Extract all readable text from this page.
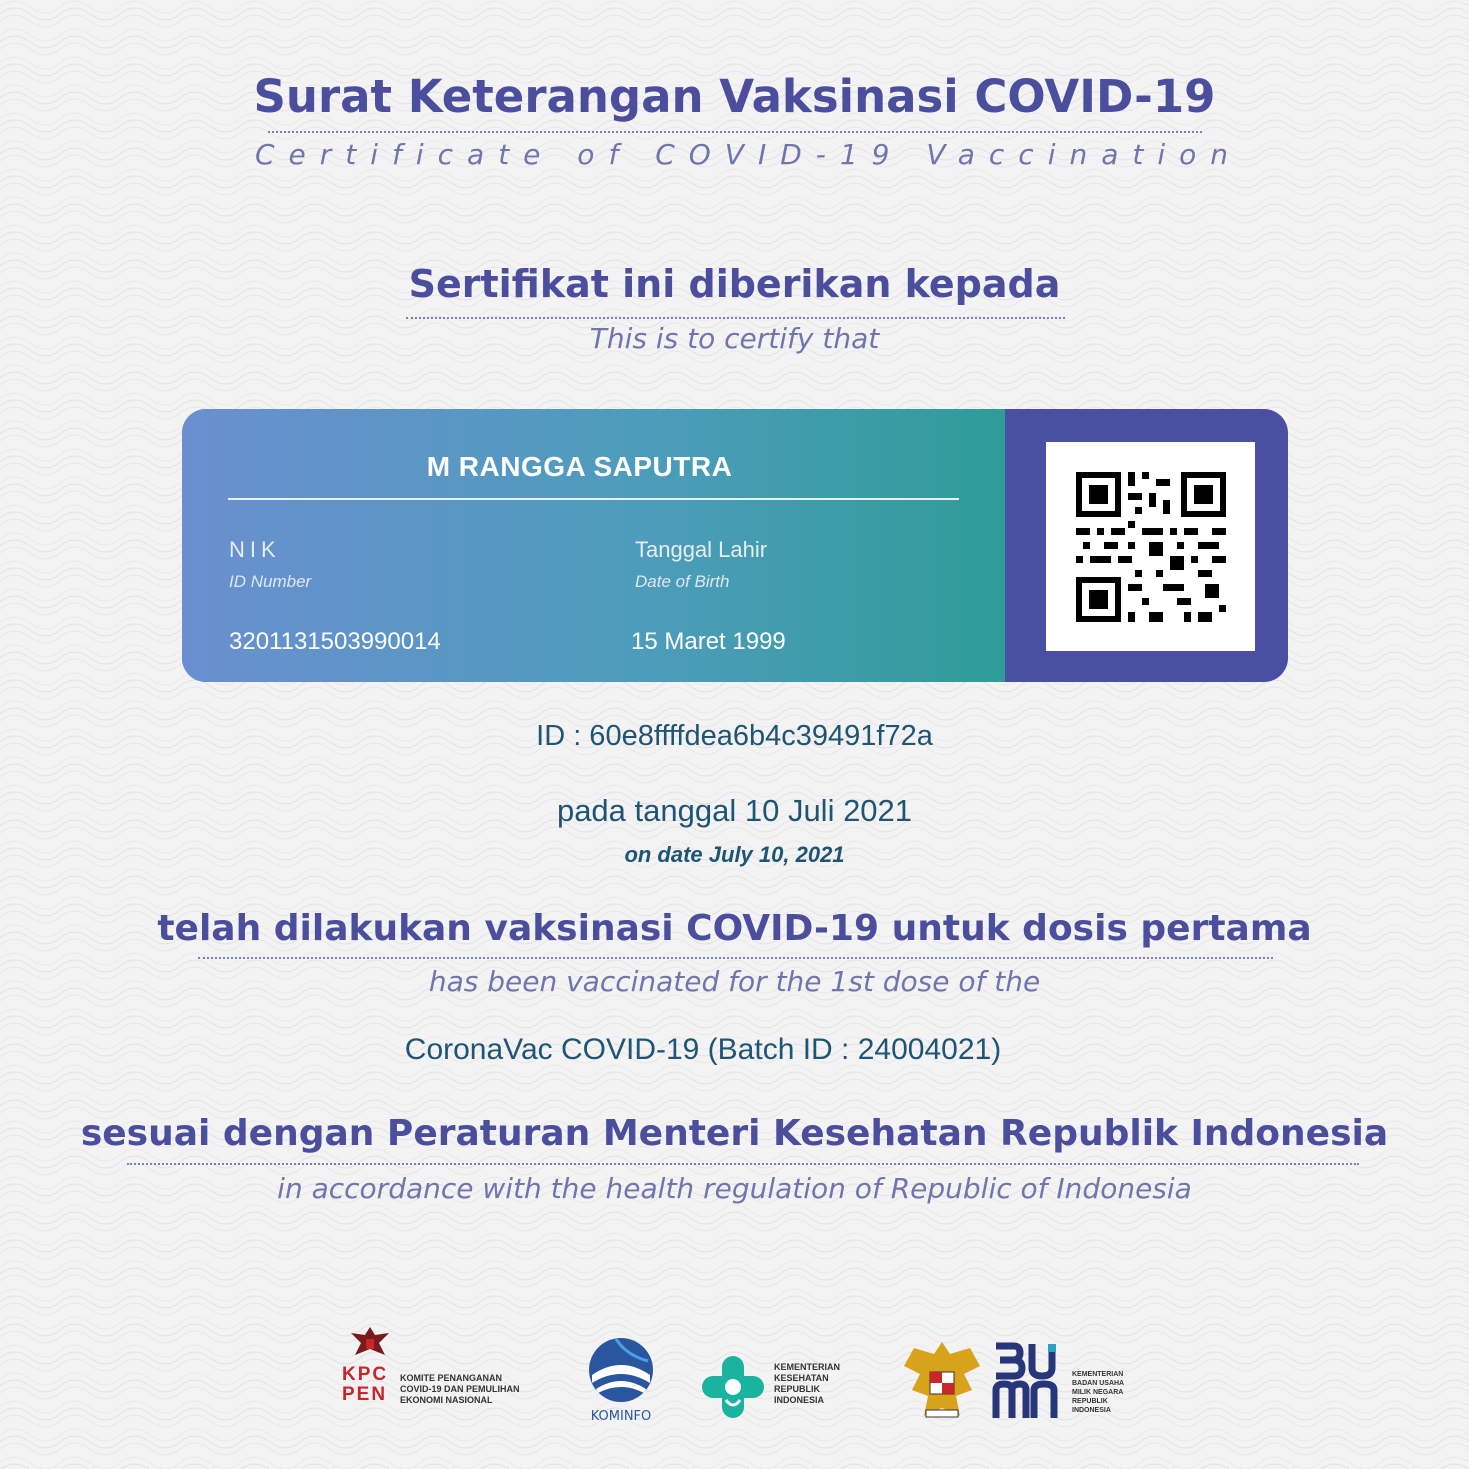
Surat Keterangan Vaksinasi COVID-19
Certificate of COVID-19 Vaccination
Sertifikat ini diberikan kepada
This is to certify that
M RANGGA SAPUTRA
NIK
ID Number
3201131503990014
Tanggal Lahir
Date of Birth
15 Maret 1999
ID : 60e8ffffdea6b4c39491f72a
pada tanggal 10 Juli 2021
on date July 10, 2021
telah dilakukan vaksinasi COVID-19 untuk dosis pertama
has been vaccinated for the 1st dose of the
CoronaVac COVID-19 (Batch ID : 24004021)
sesuai dengan Peraturan Menteri Kesehatan Republik Indonesia
in accordance with the health regulation of Republic of Indonesia
KPC
PEN
KOMITE PENANGANAN
COVID-19 DAN PEMULIHAN
EKONOMI NASIONAL
KOMINFO
KEMENTERIAN
KESEHATAN
REPUBLIK
INDONESIA
KEMENTERIAN
BADAN USAHA
MILIK NEGARA
REPUBLIK
INDONESIA
